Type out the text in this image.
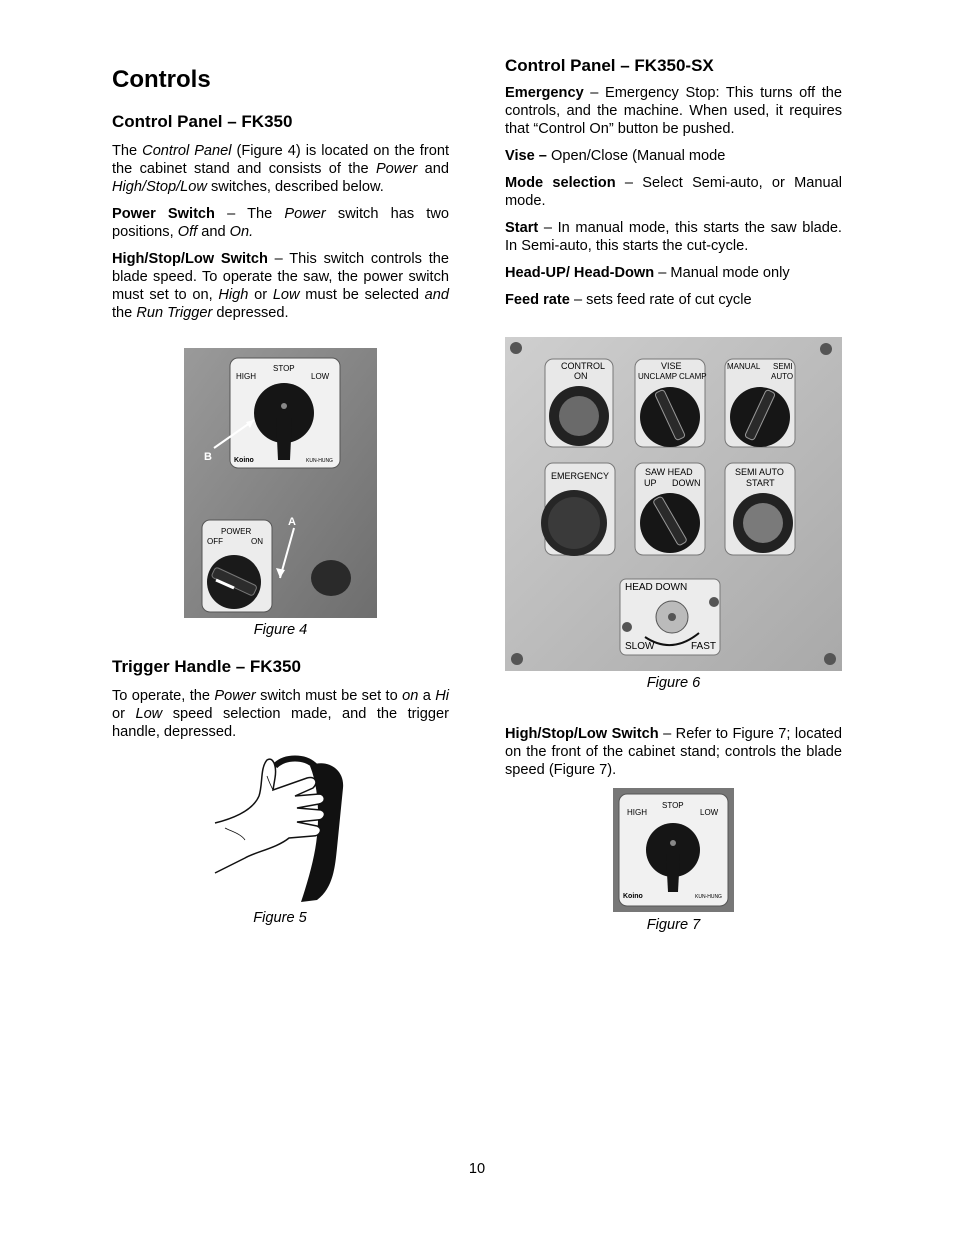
Controls
Control Panel – FK350

The Control Panel (Figure 4) is located on the front the cabinet stand and consists of the Power and High/Stop/Low switches, described below.

Power Switch – The Power switch has two positions, Off and On.

High/Stop/Low Switch – This switch controls the blade speed. To operate the saw, the power switch must set to on, High or Low must be selected and the Run Trigger depressed.

HIGH
STOP
LOW
Koino	KUN-HUNG
B
POWER
OFF	ON
A
Figure 4
Trigger Handle – FK350

To operate, the Power switch must be set to on a Hi or Low speed selection made, and the trigger handle, depressed.

Figure 5
Control Panel – FK350-SX

Emergency – Emergency Stop: This turns off the controls, and the machine. When used, it requires that “Control On” button be pushed.

Vise – Open/Close (Manual mode

Mode selection – Select Semi-auto, or Manual mode.

Start – In manual mode, this starts the saw blade. In Semi-auto, this starts the cut-cycle.

Head-UP/ Head-Down – Manual mode only

Feed rate – sets feed rate of cut cycle

CONTROL
ON
VISE
UNCLAMP CLAMP
MANUAL SEMI
AUTO
EMERGENCY	SAW HEAD
UP DOWN
SEMI AUTO
START
HEAD DOWN
SLOW	FAST
Figure 6

High/Stop/Low Switch – Refer to Figure 7; located on the front of the cabinet stand; controls the blade speed (Figure 7).

HIGH
STOP
LOW
Koino	KUN-HUNG
Figure 7
10
